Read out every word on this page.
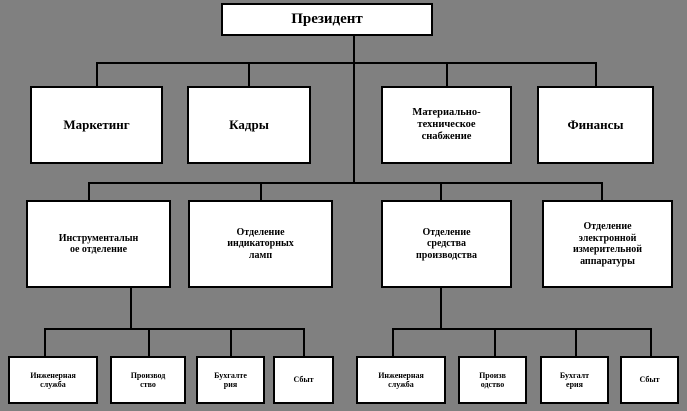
Президент
Маркетинг	Кадры
Материально-
техническое
снабжение
Финансы
Инструменталын
ое отделение
Отделение
индикаторных
ламп
Отделение
средства
производства
Отделение
электронной
измерительной
аппаратуры
Инженерная
служба
Производ
ство
Бухгалте
рия
Сбыт
Инженерная
служба
Произв
одство
Бухгалт
ерия
Сбыт
